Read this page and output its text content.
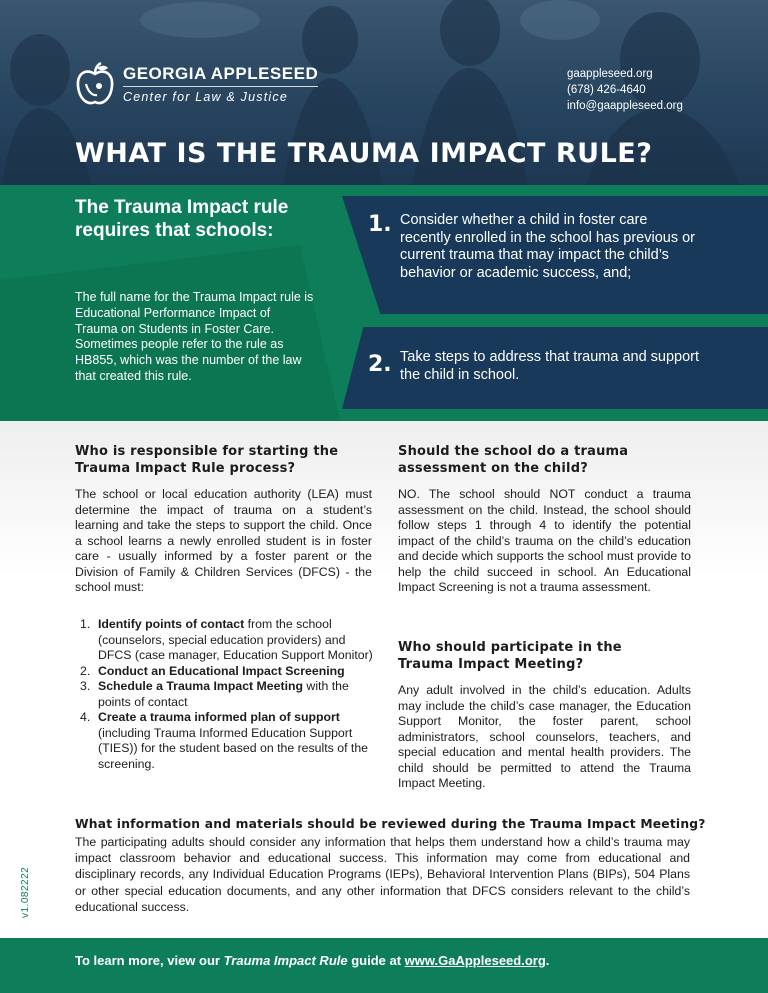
GEORGIA APPLESEED
Center for Law & Justice
gaappleseed.org
(678) 426-4640
info@gaappleseed.org
WHAT IS THE TRAUMA IMPACT RULE?
The Trauma Impact rule requires that schools:
The full name for the Trauma Impact rule is Educational Performance Impact of Trauma on Students in Foster Care. Sometimes people refer to the rule as HB855, which was the number of the law that created this rule.
1. Consider whether a child in foster care recently enrolled in the school has previous or current trauma that may impact the child’s behavior or academic success, and;
2. Take steps to address that trauma and support the child in school.
Who is responsible for starting the Trauma Impact Rule process?
The school or local education authority (LEA) must determine the impact of trauma on a student’s learning and take the steps to support the child. Once a school learns a newly enrolled student is in foster care - usually informed by a foster parent or the Division of Family & Children Services (DFCS) - the school must:
1. Identify points of contact from the school (counselors, special education providers) and DFCS (case manager, Education Support Monitor)
2. Conduct an Educational Impact Screening
3. Schedule a Trauma Impact Meeting with the points of contact
4. Create a trauma informed plan of support (including Trauma Informed Education Support (TIES)) for the student based on the results of the screening.
Should the school do a trauma assessment on the child?
NO. The school should NOT conduct a trauma assessment on the child. Instead, the school should follow steps 1 through 4 to identify the potential impact of the child’s trauma on the child’s education and decide which supports the school must provide to help the child succeed in school. An Educational Impact Screening is not a trauma assessment.
Who should participate in the Trauma Impact Meeting?
Any adult involved in the child’s education. Adults may include the child’s case manager, the Education Support Monitor, the foster parent, school administrators, school counselors, teachers, and special education and mental health providers. The child should be permitted to attend the Trauma Impact Meeting.
What information and materials should be reviewed during the Trauma Impact Meeting?
The participating adults should consider any information that helps them understand how a child’s trauma may impact classroom behavior and educational success. This information may come from educational and disciplinary records, any Individual Education Programs (IEPs), Behavioral Intervention Plans (BIPs), 504 Plans or other special education documents, and any other information that DFCS considers relevant to the child’s educational success.
v1.082222
To learn more, view our Trauma Impact Rule guide at www.GaAppleseed.org.
